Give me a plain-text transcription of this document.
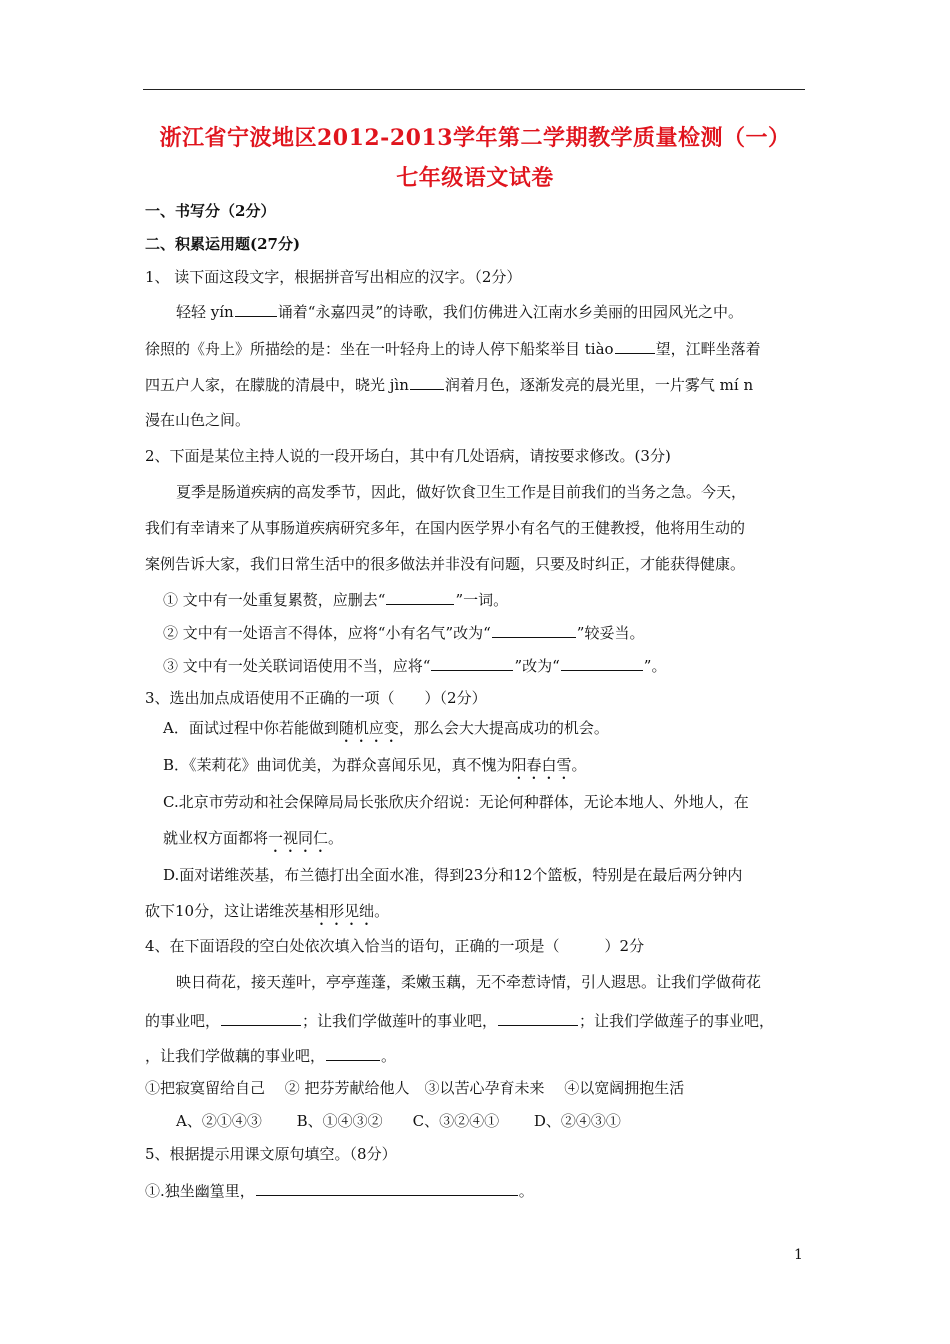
浙江省宁波地区2012-2013学年第二学期教学质量检测（一）七年级语文试卷
一、书写分（2分）
二、积累运用题(27分)
1、 读下面这段文字，根据拼音写出相应的汉字。（2分）
轻轻 yín	诵着“永嘉四灵”的诗歌，我们仿佛进入江南水乡美丽的田园风光之中。
徐照的《舟上》所描绘的是：坐在一叶轻舟上的诗人停下船桨举目 tiào	望，江畔坐落着
四五户人家，在朦胧的清晨中，晓光 jìn 润着月色，逐渐发亮的晨光里，一片雾气 mí n
漫在山色之间。
2、下面是某位主持人说的一段开场白，其中有几处语病，请按要求修改。(3分)
夏季是肠道疾病的高发季节，因此，做好饮食卫生工作是目前我们的当务之急。今天，
我们有幸请来了从事肠道疾病研究多年，在国内医学界小有名气的王健教授，他将用生动的
案例告诉大家，我们日常生活中的很多做法并非没有问题，只要及时纠正，才能获得健康。
① 文中有一处重复累赘，应删去“	”一词。
② 文中有一处语言不得体，应将“小有名气”改为“	”较妥当。
③ 文中有一处关联词语使用不当，应将“	”改为“	”。
3、选出加点成语使用不正确的一项（　　）（2分）
A．面试过程中你若能做到随机应变，那么会大大提高成功的机会。
B．《茉莉花》曲词优美，为群众喜闻乐见，真不愧为阳春白雪。
C.北京市劳动和社会保障局局长张欣庆介绍说：无论何种群体，无论本地人、外地人，在
就业权方面都将一视同仁。
D.面对诺维茨基，布兰德打出全面水准，得到23分和12个篮板，特别是在最后两分钟内
砍下10分，这让诺维茨基相形见绌。
4、在下面语段的空白处依次填入恰当的语句，正确的一项是（　　　）2分
映日荷花，接天莲叶，亭亭莲蓬，柔嫩玉藕，无不牵惹诗情，引人遐思。让我们学做荷花
的事业吧，	；让我们学做莲叶的事业吧，	；让我们学做莲子的事业吧，
，让我们学做藕的事业吧，	。
①把寂寞留给自己　 ② 把芬芳献给他人　③以苦心孕育未来　 ④以宽阔拥抱生活
A、②①④③　　 B、①④③②　　C、③②④①　　 D、②④③①
5、根据提示用课文原句填空。（8分）
①.独坐幽篁里，	。
1
